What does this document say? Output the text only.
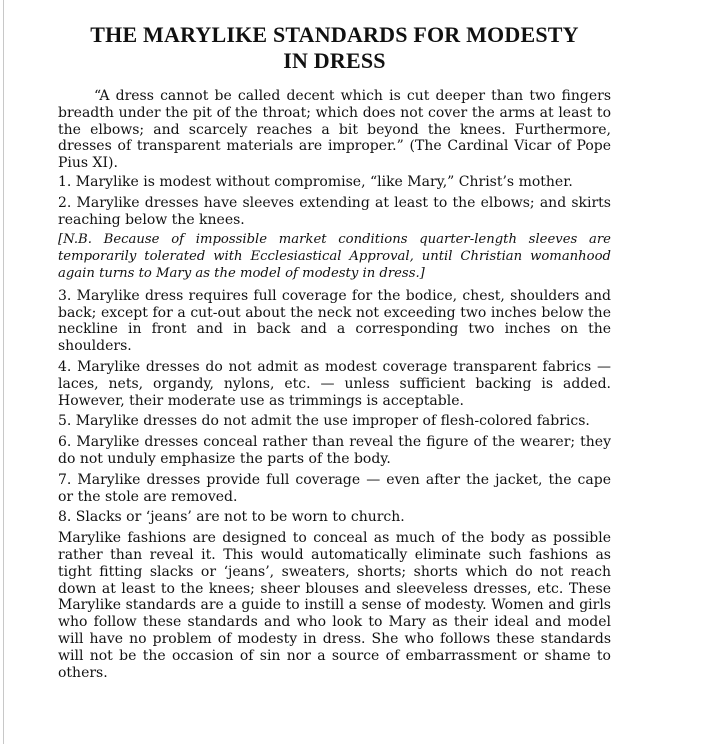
THE MARYLIKE STANDARDS FOR MODESTY
IN DRESS

“A dress cannot be called decent which is cut deeper than two fingers breadth under the pit of the throat; which does not cover the arms at least to the elbows; and scarcely reaches a bit beyond the knees. Furthermore, dresses of transparent materials are improper.” (The Cardinal Vicar of Pope Pius XI).

1. Marylike is modest without compromise, “like Mary,” Christ’s mother.

2. Marylike dresses have sleeves extending at least to the elbows; and skirts reaching below the knees.

[N.B. Because of impossible market conditions quarter-length sleeves are temporarily tolerated with Ecclesiastical Approval, until Christian womanhood again turns to Mary as the model of modesty in dress.]

3. Marylike dress requires full coverage for the bodice, chest, shoulders and back; except for a cut-out about the neck not exceeding two inches below the neckline in front and in back and a corresponding two inches on the shoulders.

4. Marylike dresses do not admit as modest coverage transparent fabrics — laces, nets, organdy, nylons, etc. — unless sufficient backing is added. However, their moderate use as trimmings is acceptable.

5. Marylike dresses do not admit the use improper of flesh-colored fabrics.

6. Marylike dresses conceal rather than reveal the figure of the wearer; they do not unduly emphasize the parts of the body.

7. Marylike dresses provide full coverage — even after the jacket, the cape or the stole are removed.

8. Slacks or ‘jeans’ are not to be worn to church.

Marylike fashions are designed to conceal as much of the body as possible rather than reveal it. This would automatically eliminate such fashions as tight fitting slacks or ‘jeans’, sweaters, shorts; shorts which do not reach down at least to the knees; sheer blouses and sleeveless dresses, etc. These Marylike standards are a guide to instill a sense of modesty. Women and girls who follow these standards and who look to Mary as their ideal and model will have no problem of modesty in dress. She who follows these standards will not be the occasion of sin nor a source of embarrassment or shame to others.
